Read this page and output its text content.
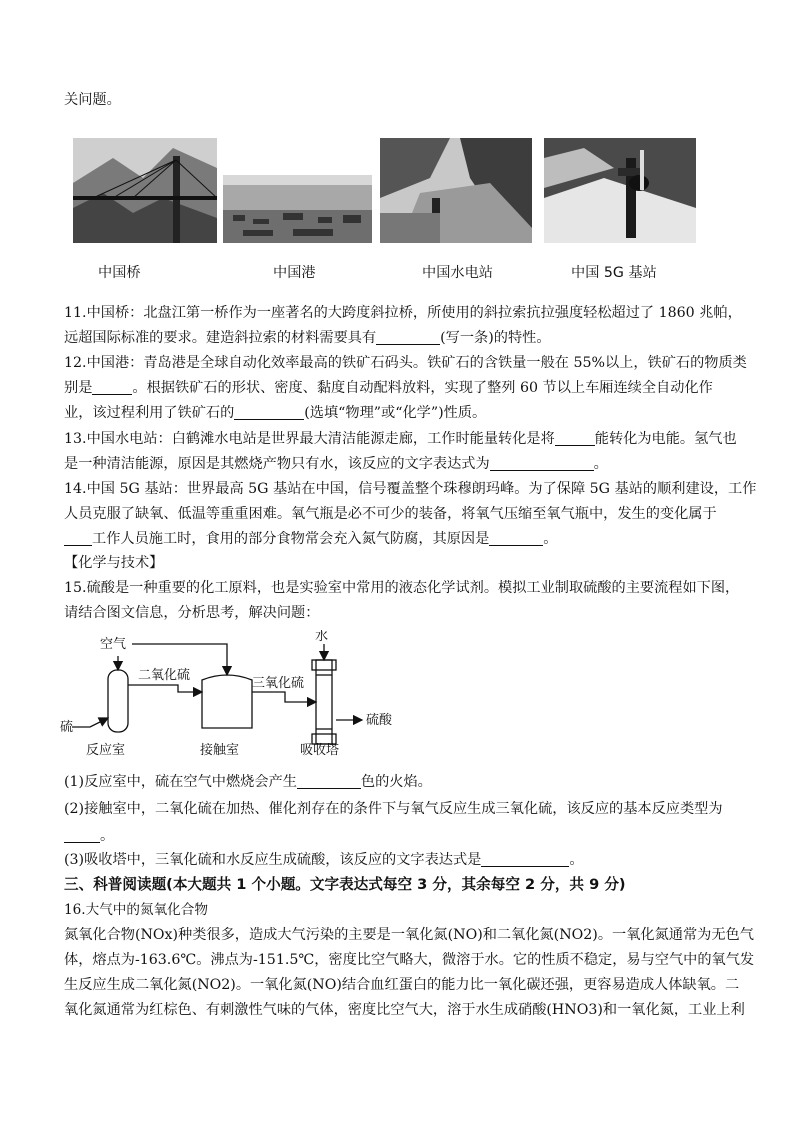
关问题。
中国桥	中国港	中国水电站	中国 5G 基站
11.中国桥：北盘江第一桥作为一座著名的大跨度斜拉桥，所使用的斜拉索抗拉强度轻松超过了 1860 兆帕，
远超国际标准的要求。建造斜拉索的材料需要具有	(写一条)的特性。
12.中国港：青岛港是全球自动化效率最高的铁矿石码头。铁矿石的含铁量一般在 55%以上，铁矿石的物质类
别是	。根据铁矿石的形状、密度、黏度自动配料放料，实现了整列 60 节以上车厢连续全自动化作
业，该过程利用了铁矿石的	(选填“物理”或“化学”)性质。
13.中国水电站：白鹤滩水电站是世界最大清洁能源走廊，工作时能量转化是将	能转化为电能。氢气也
是一种清洁能源，原因是其燃烧产物只有水，该反应的文字表达式为	。
14.中国 5G 基站：世界最高 5G 基站在中国，信号覆盖整个珠穆朗玛峰。为了保障 5G 基站的顺利建设，工作
人员克服了缺氧、低温等重重困难。氧气瓶是必不可少的装备，将氧气压缩至氧气瓶中，发生的变化属于
工作人员施工时，食用的部分食物常会充入氮气防腐，其原因是	。
【化学与技术】
15.硫酸是一种重要的化工原料，也是实验室中常用的液态化学试剂。模拟工业制取硫酸的主要流程如下图，
请结合图文信息，分析思考，解决问题：
空气
二氧化硫
三氧化硫
水
硫	硫酸
反应室	接触室	吸收塔
(1)反应室中，硫在空气中燃烧会产生	色的火焰。
(2)接触室中，二氧化硫在加热、催化剂存在的条件下与氧气反应生成三氧化硫，该反应的基本反应类型为
。
(3)吸收塔中，三氧化硫和水反应生成硫酸，该反应的文字表达式是	。
三、科普阅读题(本大题共 1 个小题。文字表达式每空 3 分，其余每空 2 分，共 9 分)
16.大气中的氮氧化合物
氮氧化合物(NOx)种类很多，造成大气污染的主要是一氧化氮(NO)和二氧化氮(NO2)。一氧化氮通常为无色气
体，熔点为-163.6℃。沸点为-151.5℃，密度比空气略大，微溶于水。它的性质不稳定，易与空气中的氧气发
生反应生成二氧化氮(NO2)。一氧化氮(NO)结合血红蛋白的能力比一氧化碳还强，更容易造成人体缺氧。二
氧化氮通常为红棕色、有刺激性气味的气体，密度比空气大，溶于水生成硝酸(HNO3)和一氧化氮，工业上利
